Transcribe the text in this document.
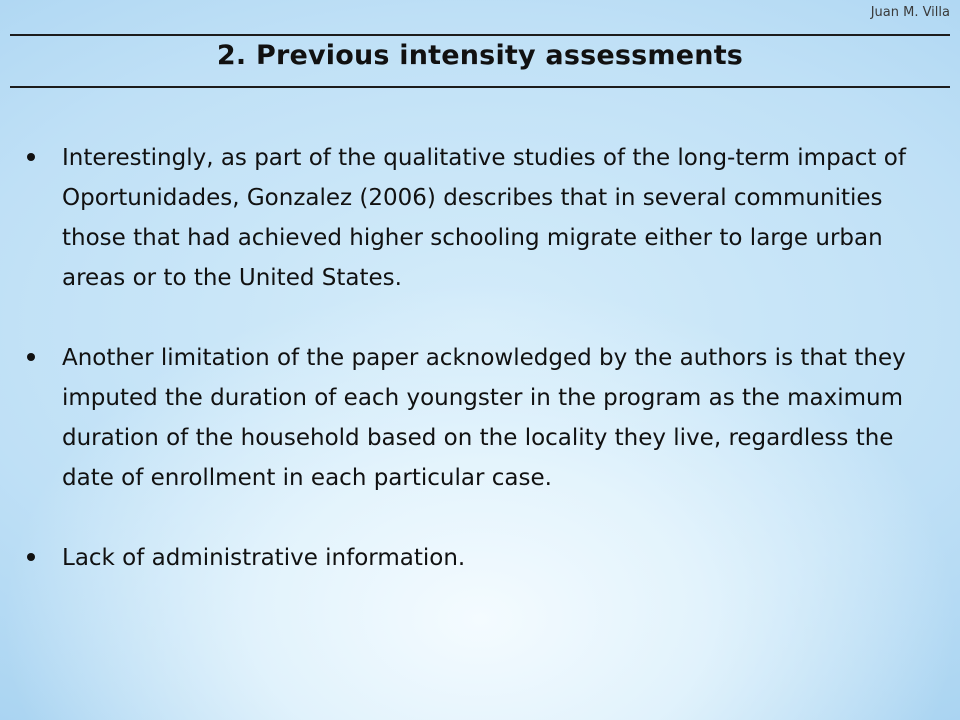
Juan M. Villa
2. Previous intensity assessments
Interestingly, as part of the qualitative studies of the long-term impact of Oportunidades, Gonzalez (2006) describes that in several communities those that had achieved higher schooling migrate either to large urban areas or to the United States.
Another limitation of the paper acknowledged by the authors is that they imputed the duration of each youngster in the program as the maximum duration of the household based on the locality they live, regardless the date of enrollment in each particular case.
Lack of administrative information.
